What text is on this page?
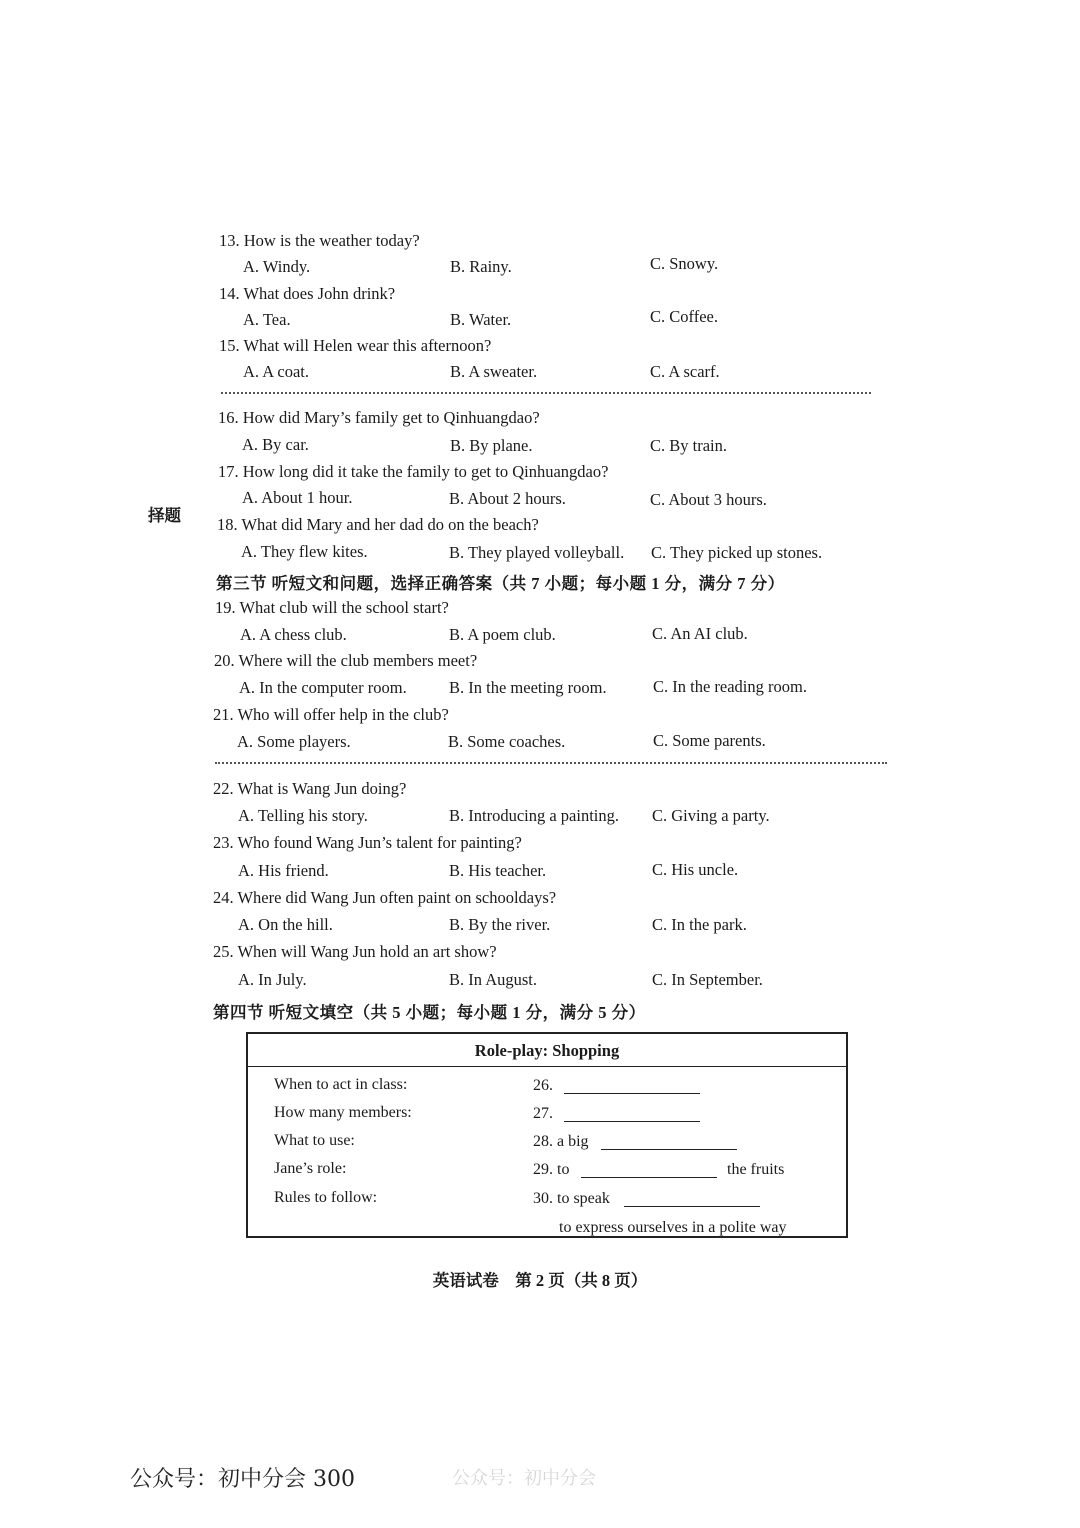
择题
13. How is the weather today?
A. Windy.	B. Rainy.	C. Snowy.
14. What does John drink?
A. Tea.	B. Water.	C. Coffee.
15. What will Helen wear this afternoon?
A. A coat.	B. A sweater.	C. A scarf.
16. How did Mary’s family get to Qinhuangdao?
A. By car.	B. By plane.	C. By train.
17. How long did it take the family to get to Qinhuangdao?
A. About 1 hour.	B. About 2 hours.	C. About 3 hours.
18. What did Mary and her dad do on the beach?
A. They flew kites.	B. They played volleyball. C. They picked up stones.
第三节 听短文和问题，选择正确答案（共 7 小题；每小题 1 分，满分 7 分）
19. What club will the school start?
A. A chess club.	B. A poem club.	C. An AI club.
20. Where will the club members meet?
A. In the computer room.	B. In the meeting room.	C. In the reading room.
21. Who will offer help in the club?
A. Some players.	B. Some coaches.	C. Some parents.
22. What is Wang Jun doing?
A. Telling his story.	B. Introducing a painting. C. Giving a party.
23. Who found Wang Jun’s talent for painting?
A. His friend.	B. His teacher.	C. His uncle.
24. Where did Wang Jun often paint on schooldays?
A. On the hill.	B. By the river.	C. In the park.
25. When will Wang Jun hold an art show?
A. In July.	B. In August.	C. In September.
第四节 听短文填空（共 5 小题；每小题 1 分，满分 5 分）
Role-play: Shopping
When to act in class:	26.
How many members:	27.
What to use:	28. a big
Jane’s role:	29. to	the fruits
Rules to follow:	30. to speak
to express ourselves in a polite way
英语试卷　第 2 页（共 8 页）
公众号：初中分会 300	公众号：初中分会
